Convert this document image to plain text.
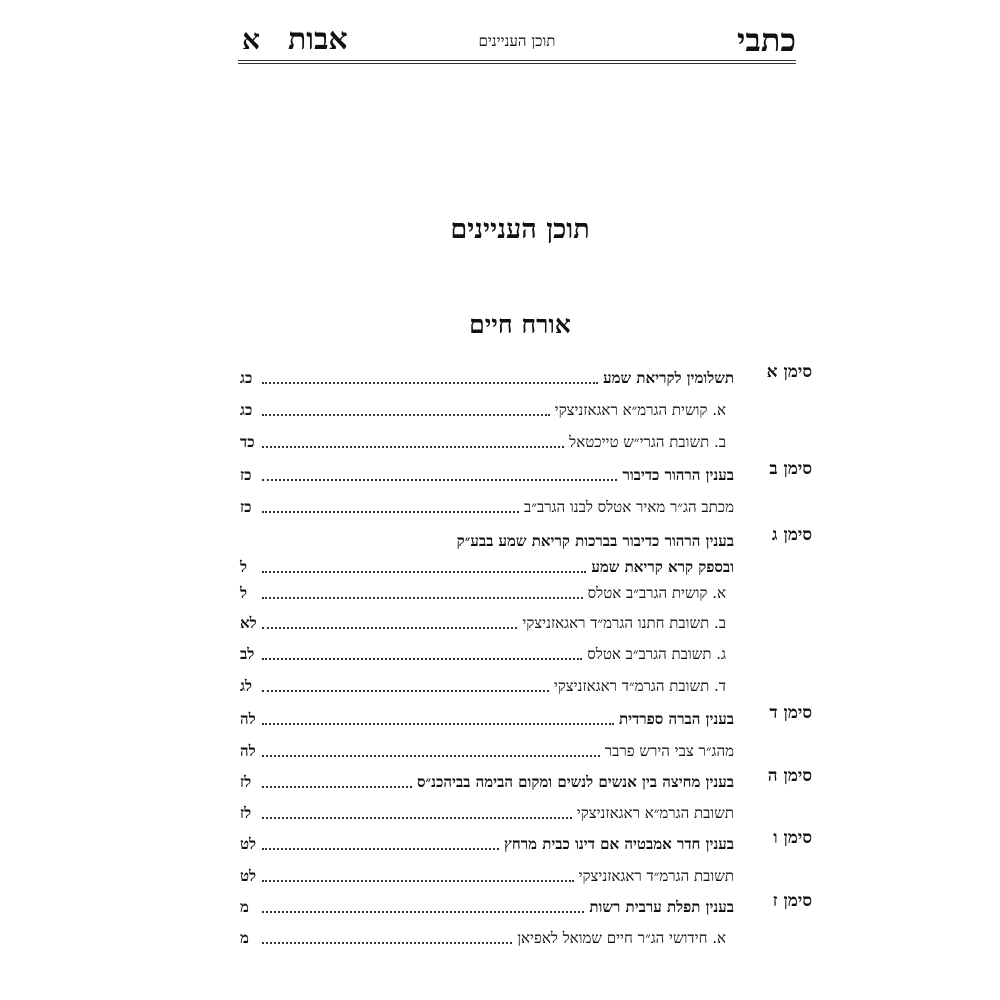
כתבי
תוכן העניינים
אבות
א
תוכן העניינים
אורח חיים
תשלומין לקריאת שמע
כג
א. קושית הגרמ״א ראגאזניצקי
כג
ב. תשובת הגרי״ש טייכטאל
כד
בענין הרהור כדיבור
כז
מכתב הג״ר מאיר אטלס לבנו הגרב״ב
כז
בענין הרהור כדיבור בברכות קריאת שמע בבע״ק
ובספק קרא קריאת שמע
ל
א. קושית הגרב״ב אטלס
ל
ב. תשובת חתנו הגרמ״ד ראגאזניצקי
לא
ג. תשובת הגרב״ב אטלס
לב
ד. תשובת הגרמ״ד ראגאזניצקי
לג
בענין הברה ספרדית
לה
מהג״ר צבי הירש פרבר
לה
בענין מחיצה בין אנשים לנשים ומקום הבימה בביהכנ״ס
לז
תשובת הגרמ״א ראגאזניצקי
לז
בענין חדר אמבטיה אם דינו כבית מרחץ
לט
תשובת הגרמ״ד ראגאזניצקי
לט
בענין תפלת ערבית רשות
מ
א. חידושי הג״ר חיים שמואל לאפיאן
מ
סימן א
סימן ב
סימן ג
סימן ד
סימן ה
סימן ו
סימן ז
